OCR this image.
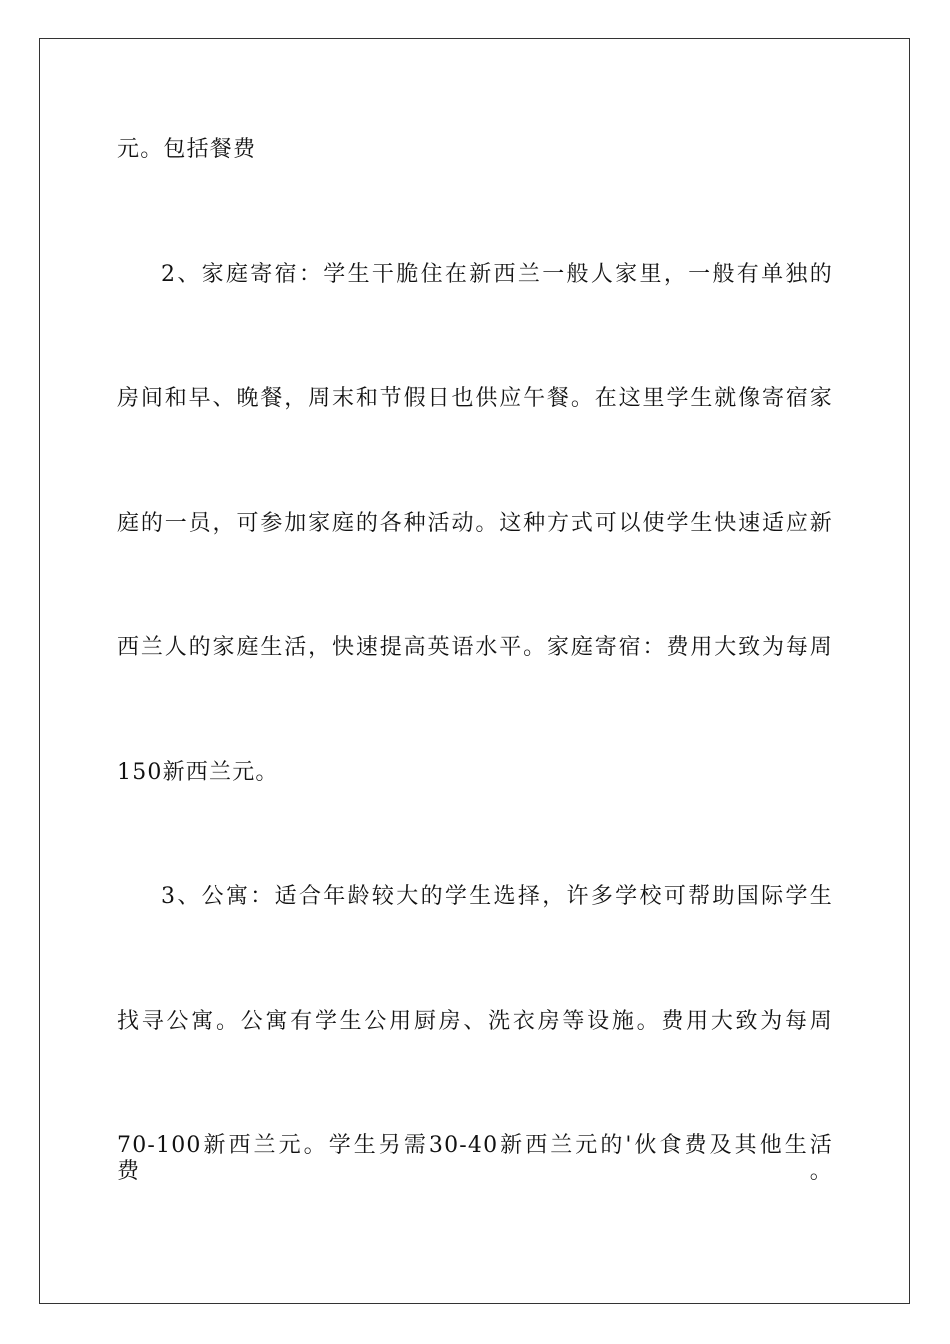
元。包括餐费
2、家庭寄宿：学生干脆住在新西兰一般人家里，一般有单独的
房间和早、晚餐，周末和节假日也供应午餐。在这里学生就像寄宿家
庭的一员，可参加家庭的各种活动。这种方式可以使学生快速适应新
西兰人的家庭生活，快速提高英语水平。家庭寄宿：费用大致为每周
150新西兰元。
3、公寓：适合年龄较大的学生选择，许多学校可帮助国际学生
找寻公寓。公寓有学生公用厨房、洗衣房等设施。费用大致为每周
70-100新西兰元。学生另需30-40新西兰元的'伙食费及其他生活费。
